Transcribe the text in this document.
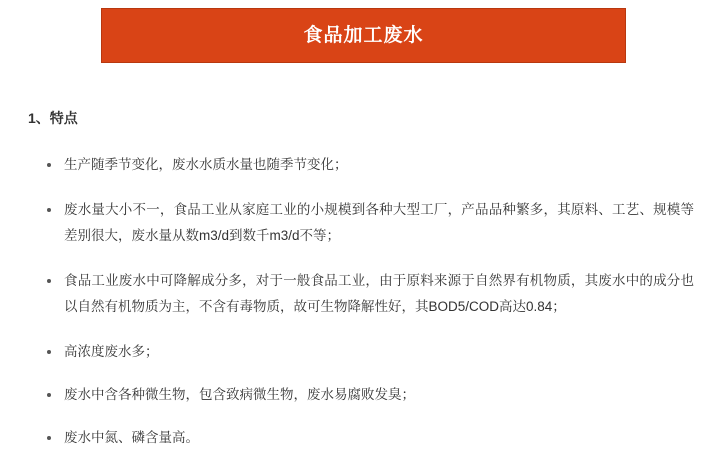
食品加工废水
1、特点
生产随季节变化，废水水质水量也随季节变化；
废水量大小不一，食品工业从家庭工业的小规模到各种大型工厂，产品品种繁多，其原料、工艺、规模等差别很大，废水量从数m3/d到数千m3/d不等；
食品工业废水中可降解成分多，对于一般食品工业，由于原料来源于自然界有机物质，其废水中的成分也以自然有机物质为主，不含有毒物质，故可生物降解性好，其BOD5/COD高达0.84；
高浓度废水多；
废水中含各种微生物，包含致病微生物，废水易腐败发臭；
废水中氮、磷含量高。
